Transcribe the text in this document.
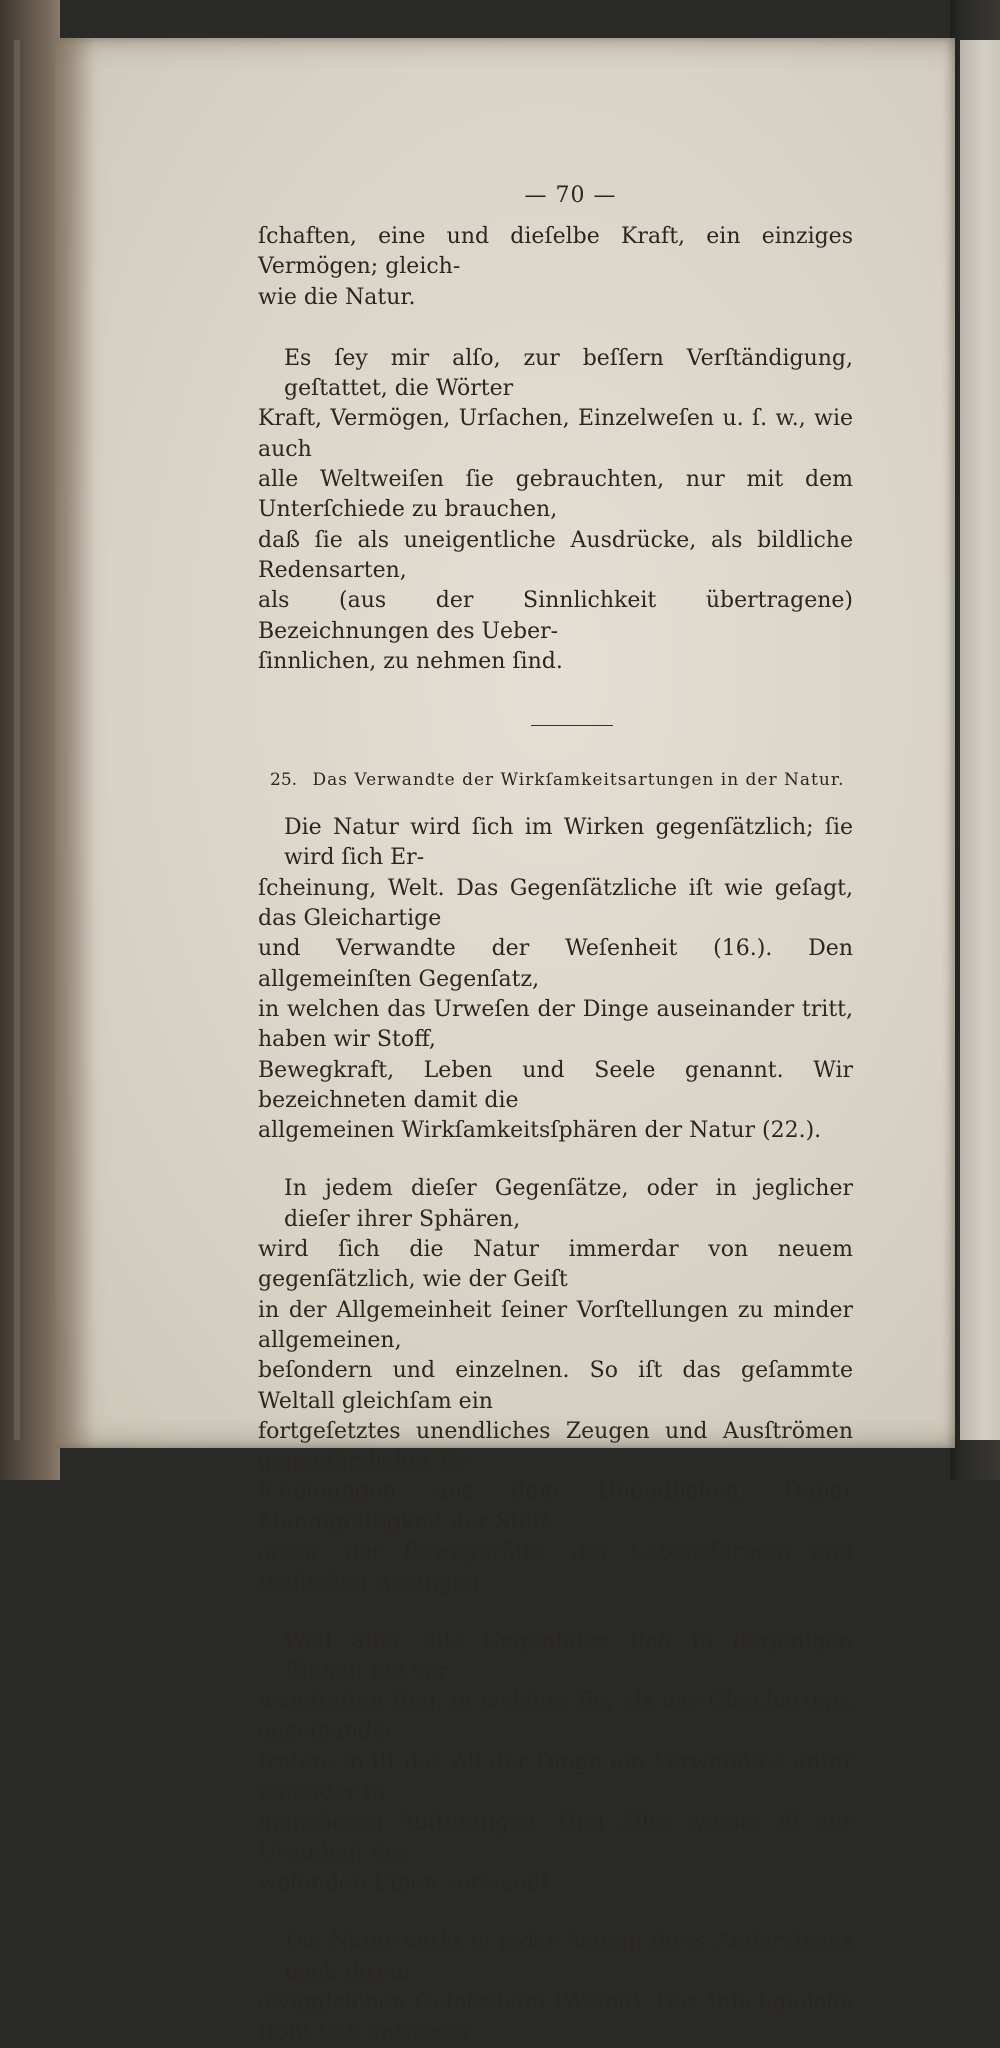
— 70 —
ſchaften, eine und dieſelbe Kraft, ein einziges Vermögen; gleich-
wie die Natur.
Es ſey mir alſo, zur beſſern Verſtändigung, geſtattet, die Wörter
Kraft, Vermögen, Urſachen, Einzelweſen u. ſ. w., wie auch
alle Weltweiſen ſie gebrauchten, nur mit dem Unterſchiede zu brauchen,
daß ſie als uneigentliche Ausdrücke, als bildliche Redensarten,
als (aus der Sinnlichkeit übertragene) Bezeichnungen des Ueber-
ſinnlichen, zu nehmen ſind.
25. Das Verwandte der Wirkſamkeitsartungen in der Natur.
Die Natur wird ſich im Wirken gegenſätzlich; ſie wird ſich Er-
ſcheinung, Welt. Das Gegenſätzliche iſt wie geſagt, das Gleichartige
und Verwandte der Weſenheit (16.). Den allgemeinſten Gegenſatz,
in welchen das Urweſen der Dinge auseinander tritt, haben wir Stoff,
Bewegkraft, Leben und Seele genannt. Wir bezeichneten damit die
allgemeinen Wirkſamkeitsſphären der Natur (22.).
In jedem dieſer Gegenſätze, oder in jeglicher dieſer ihrer Sphären,
wird ſich die Natur immerdar von neuem gegenſätzlich, wie der Geiſt
in der Allgemeinheit ſeiner Vorſtellungen zu minder allgemeinen,
beſondern und einzelnen. So iſt das geſammte Weltall gleichſam ein
fortgeſetztes unendliches Zeugen und Ausſtrömen gegenſätzlicher Er-
ſcheinungen aus dem Unendlichen. Daher Mannigfaltigkeit der Stoff-
arten, der Bewegkräfte, der Lebensformen und ſeeliſchen Artungen.
Weil aber alle Gegenſätze ſich in derjenigen Einheit die ver-
wandteſten ſind, in welcher ſie, als das Gleichartige, auseinander
traten: ſo iſt das All der Dinge ein Verwandtes unter einander in
mancherlei Abſtufungen. Und Alles wieder iſt zur Ureinheit des
weſenden Einen verwandt.
Die Natur wirkt in jeder Artung ihres Andersſeyns nach ihrem
ewiggleichen Geſetzthum (Weſen). Das Inſichgleiche ſtößt ſich entweder
